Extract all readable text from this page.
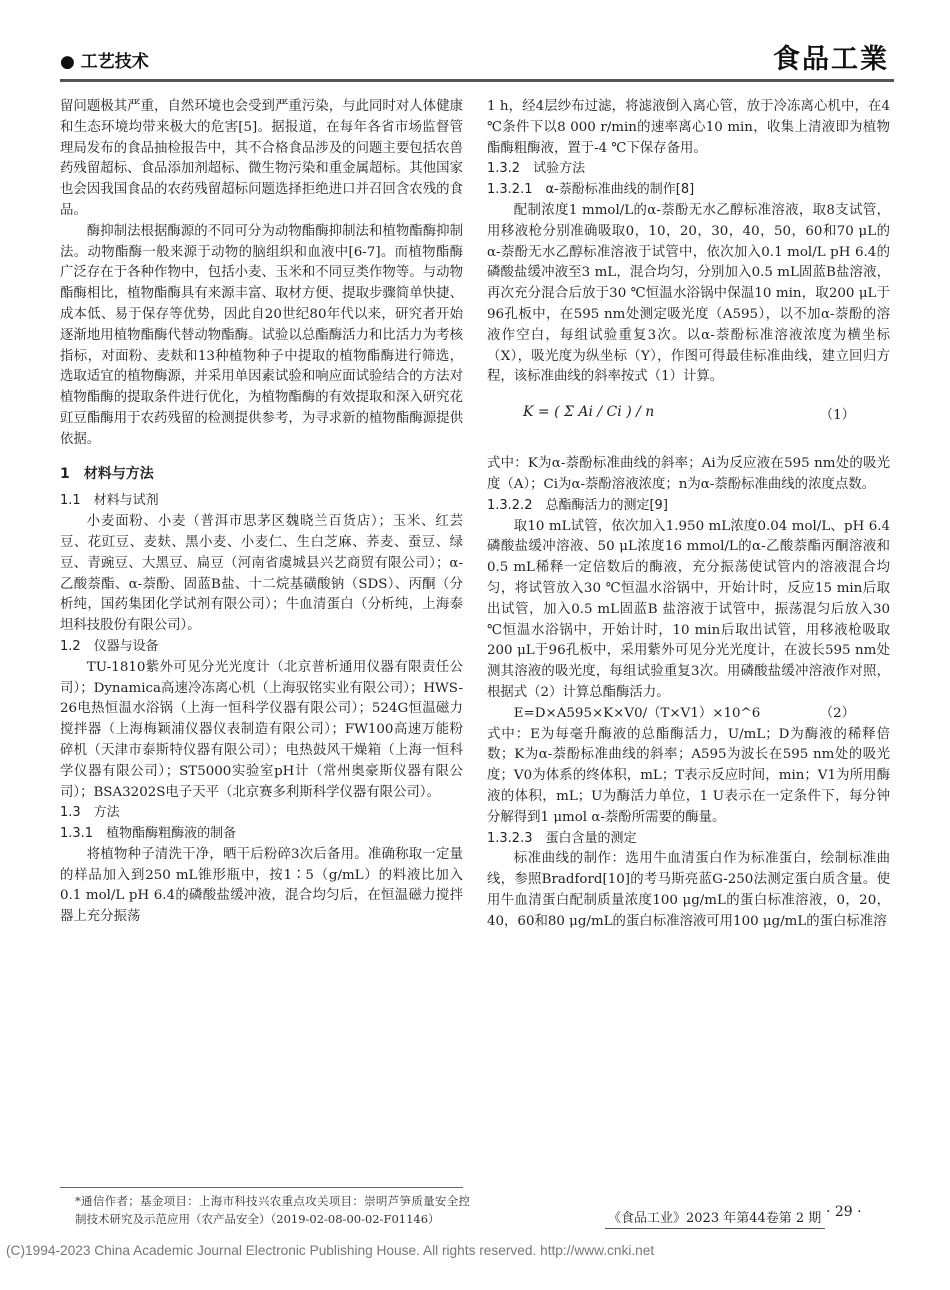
● 工艺技术	食品工業

留问题极其严重，自然环境也会受到严重污染，与此同时对人体健康和生态环境均带来极大的危害[5]。据报道，在每年各省市场监督管理局发布的食品抽检报告中，其不合格食品涉及的问题主要包括农兽药残留超标、食品添加剂超标、微生物污染和重金属超标。其他国家也会因我国食品的农药残留超标问题选择拒绝进口并召回含农残的食品。

酶抑制法根据酶源的不同可分为动物酯酶抑制法和植物酯酶抑制法。动物酯酶一般来源于动物的脑组织和血液中[6-7]。而植物酯酶广泛存在于各种作物中，包括小麦、玉米和不同豆类作物等。与动物酯酶相比，植物酯酶具有来源丰富、取材方便、提取步骤简单快捷、成本低、易于保存等优势，因此自20世纪80年代以来，研究者开始逐渐地用植物酯酶代替动物酯酶。试验以总酯酶活力和比活力为考核指标，对面粉、麦麸和13种植物种子中提取的植物酯酶进行筛选，选取适宜的植物酶源，并采用单因素试验和响应面试验结合的方法对植物酯酶的提取条件进行优化，为植物酯酶的有效提取和深入研究花豇豆酯酶用于农药残留的检测提供参考，为寻求新的植物酯酶源提供依据。

1　材料与方法

1.1　材料与试剂

小麦面粉、小麦（普洱市思茅区魏晓兰百货店）；玉米、红芸豆、花豇豆、麦麸、黑小麦、小麦仁、生白芝麻、荞麦、蚕豆、绿豆、青豌豆、大黑豆、扁豆（河南省虞城县兴艺商贸有限公司）；α-乙酸萘酯、α-萘酚、固蓝B盐、十二烷基磺酸钠（SDS）、丙酮（分析纯，国药集团化学试剂有限公司）；牛血清蛋白（分析纯，上海泰坦科技股份有限公司）。

1.2　仪器与设备

TU-1810紫外可见分光光度计（北京普析通用仪器有限责任公司）；Dynamica高速冷冻离心机（上海驭铭实业有限公司）；HWS-26电热恒温水浴锅（上海一恒科学仪器有限公司）；524G恒温磁力搅拌器（上海梅颖浦仪器仪表制造有限公司）；FW100高速万能粉碎机（天津市泰斯特仪器有限公司）；电热鼓风干燥箱（上海一恒科学仪器有限公司）；ST5000实验室pH计（常州奥豪斯仪器有限公司）；BSA3202S电子天平（北京赛多利斯科学仪器有限公司）。

1.3　方法

1.3.1　植物酯酶粗酶液的制备

将植物种子清洗干净，晒干后粉碎3次后备用。准确称取一定量的样品加入到250 mL锥形瓶中，按1∶5（g/mL）的料液比加入0.1 mol/L pH 6.4的磷酸盐缓冲液，混合均匀后，在恒温磁力搅拌器上充分振荡

1 h，经4层纱布过滤，将滤液倒入离心管，放于冷冻离心机中，在4 ℃条件下以8 000 r/min的速率离心10 min，收集上清液即为植物酯酶粗酶液，置于-4 ℃下保存备用。

1.3.2　试验方法

1.3.2.1　α-萘酚标准曲线的制作[8]

配制浓度1 mmol/L的α-萘酚无水乙醇标准溶液，取8支试管，用移液枪分别准确吸取0，10，20，30，40，50，60和70 μL的α-萘酚无水乙醇标准溶液于试管中，依次加入0.1 mol/L pH 6.4的磷酸盐缓冲液至3 mL，混合均匀，分别加入0.5 mL固蓝B盐溶液，再次充分混合后放于30 ℃恒温水浴锅中保温10 min，取200 μL于96孔板中，在595 nm处测定吸光度（A595），以不加α-萘酚的溶液作空白，每组试验重复3次。以α-萘酚标准溶液浓度为横坐标（X），吸光度为纵坐标（Y），作图可得最佳标准曲线，建立回归方程，该标准曲线的斜率按式（1）计算。

K = ( Σ Ai / Ci ) / n	（1）

式中：K为α-萘酚标准曲线的斜率；Ai为反应液在595 nm处的吸光度（A）；Ci为α-萘酚溶液浓度；n为α-萘酚标准曲线的浓度点数。

1.3.2.2　总酯酶活力的测定[9]

取10 mL试管，依次加入1.950 mL浓度0.04 mol/L、pH 6.4磷酸盐缓冲溶液、50 μL浓度16 mmol/L的α-乙酸萘酯丙酮溶液和0.5 mL稀释一定倍数后的酶液，充分振荡使试管内的溶液混合均匀，将试管放入30 ℃恒温水浴锅中，开始计时，反应15 min后取出试管，加入0.5 mL固蓝B 盐溶液于试管中，振荡混匀后放入30 ℃恒温水浴锅中，开始计时，10 min后取出试管，用移液枪吸取200 μL于96孔板中，采用紫外可见分光光度计，在波长595 nm处测其溶液的吸光度，每组试验重复3次。用磷酸盐缓冲溶液作对照，根据式（2）计算总酯酶活力。

E=D×A595×K×V0/（T×V1）×10^6	（2）

式中：E为每毫升酶液的总酯酶活力，U/mL；D为酶液的稀释倍数；K为α-萘酚标准曲线的斜率；A595为波长在595 nm处的吸光度；V0为体系的终体积，mL；T表示反应时间，min；V1为所用酶液的体积，mL；U为酶活力单位，1 U表示在一定条件下，每分钟分解得到1 μmol α-萘酚所需要的酶量。

1.3.2.3　蛋白含量的测定

标准曲线的制作：选用牛血清蛋白作为标准蛋白，绘制标准曲线，参照Bradford[10]的考马斯亮蓝G-250法测定蛋白质含量。使用牛血清蛋白配制质量浓度100 μg/mL的蛋白标准溶液，0，20，40，60和80 μg/mL的蛋白标准溶液可用100 μg/mL的蛋白标准溶

*通信作者；基金项目：上海市科技兴农重点攻关项目：崇明芦笋质量安全控制技术研究及示范应用（农产品安全）（2019-02-08-00-02-F01146）	《食品工业》2023 年第44卷第 2 期 · 29 ·
(C)1994-2023 China Academic Journal Electronic Publishing House. All rights reserved. http://www.cnki.net
